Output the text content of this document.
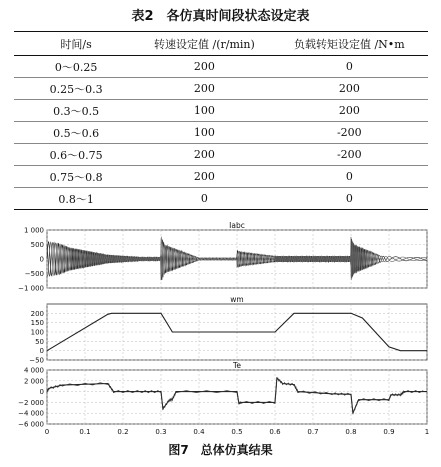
表2　各仿真时间段状态设定表
时间/s	转速设定值 /(r/min)	负载转矩设定值 /N•m
0～0.25	200	0
0.25～0.3	200	200
0.3～0.5	100	200
0.5～0.6	100	-200
0.6～0.75	200	-200
0.75～0.8	200	0
0.8～1	0	0
−1 000
−500
0
500
1 000
Iabc
−50
0
50
100
150
200
wm
−6 000
−4 000
−2 000
0
2 000
4 000
Te
0	0.1	0.2	0.3	0.4	0.5	0.6	0.7	0.8	0.9	1
图7　总体仿真结果
